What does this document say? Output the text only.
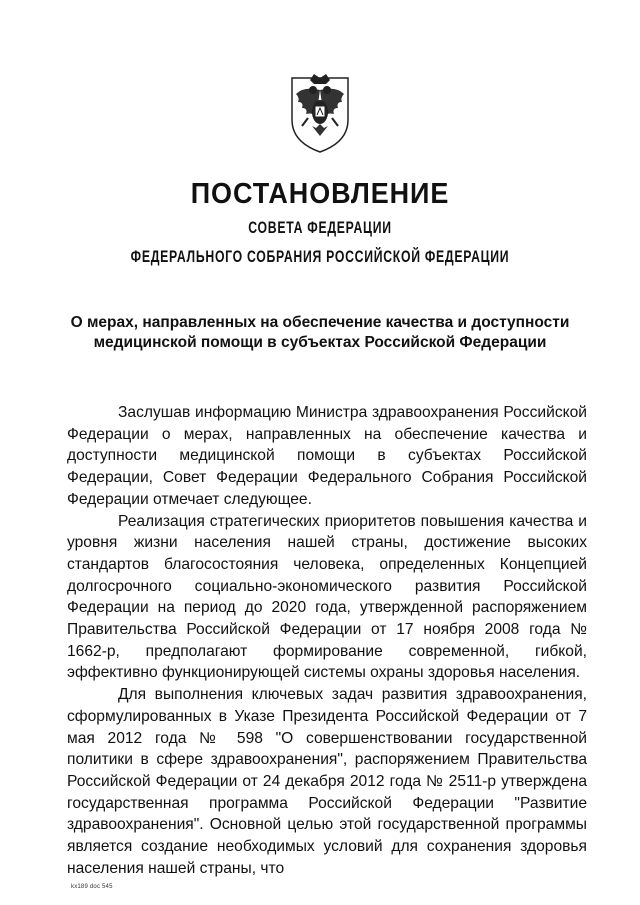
ПОСТАНОВЛЕНИЕ
СОВЕТА ФЕДЕРАЦИИ
ФЕДЕРАЛЬНОГО СОБРАНИЯ РОССИЙСКОЙ ФЕДЕРАЦИИ
О мерах, направленных на обеспечение качества и доступности
медицинской помощи в субъектах Российской Федерации

Заслушав информацию Министра здравоохранения Российской Федерации о мерах, направленных на обеспечение качества и доступности медицинской помощи в субъектах Российской Федерации, Совет Федерации Федерального Собрания Российской Федерации отмечает следующее.

Реализация стратегических приоритетов повышения качества и уровня жизни населения нашей страны, достижение высоких стандартов благосостояния человека, определенных Концепцией долгосрочного социально-экономического развития Российской Федерации на период до 2020 года, утвержденной распоряжением Правительства Российской Федерации от 17 ноября 2008 года № 1662-р, предполагают формирование современной, гибкой, эффективно функционирующей системы охраны здоровья населения.

Для выполнения ключевых задач развития здравоохранения, сформулированных в Указе Президента Российской Федерации от 7 мая 2012 года № 598 "О совершенствовании государственной политики в сфере здравоохранения", распоряжением Правительства Российской Федерации от 24 декабря 2012 года № 2511-р утверждена государственная программа Российской Федерации "Развитие здравоохранения". Основной целью этой государственной программы является создание необходимых условий для сохранения здоровья населения нашей страны, что

kx189 doc 545
